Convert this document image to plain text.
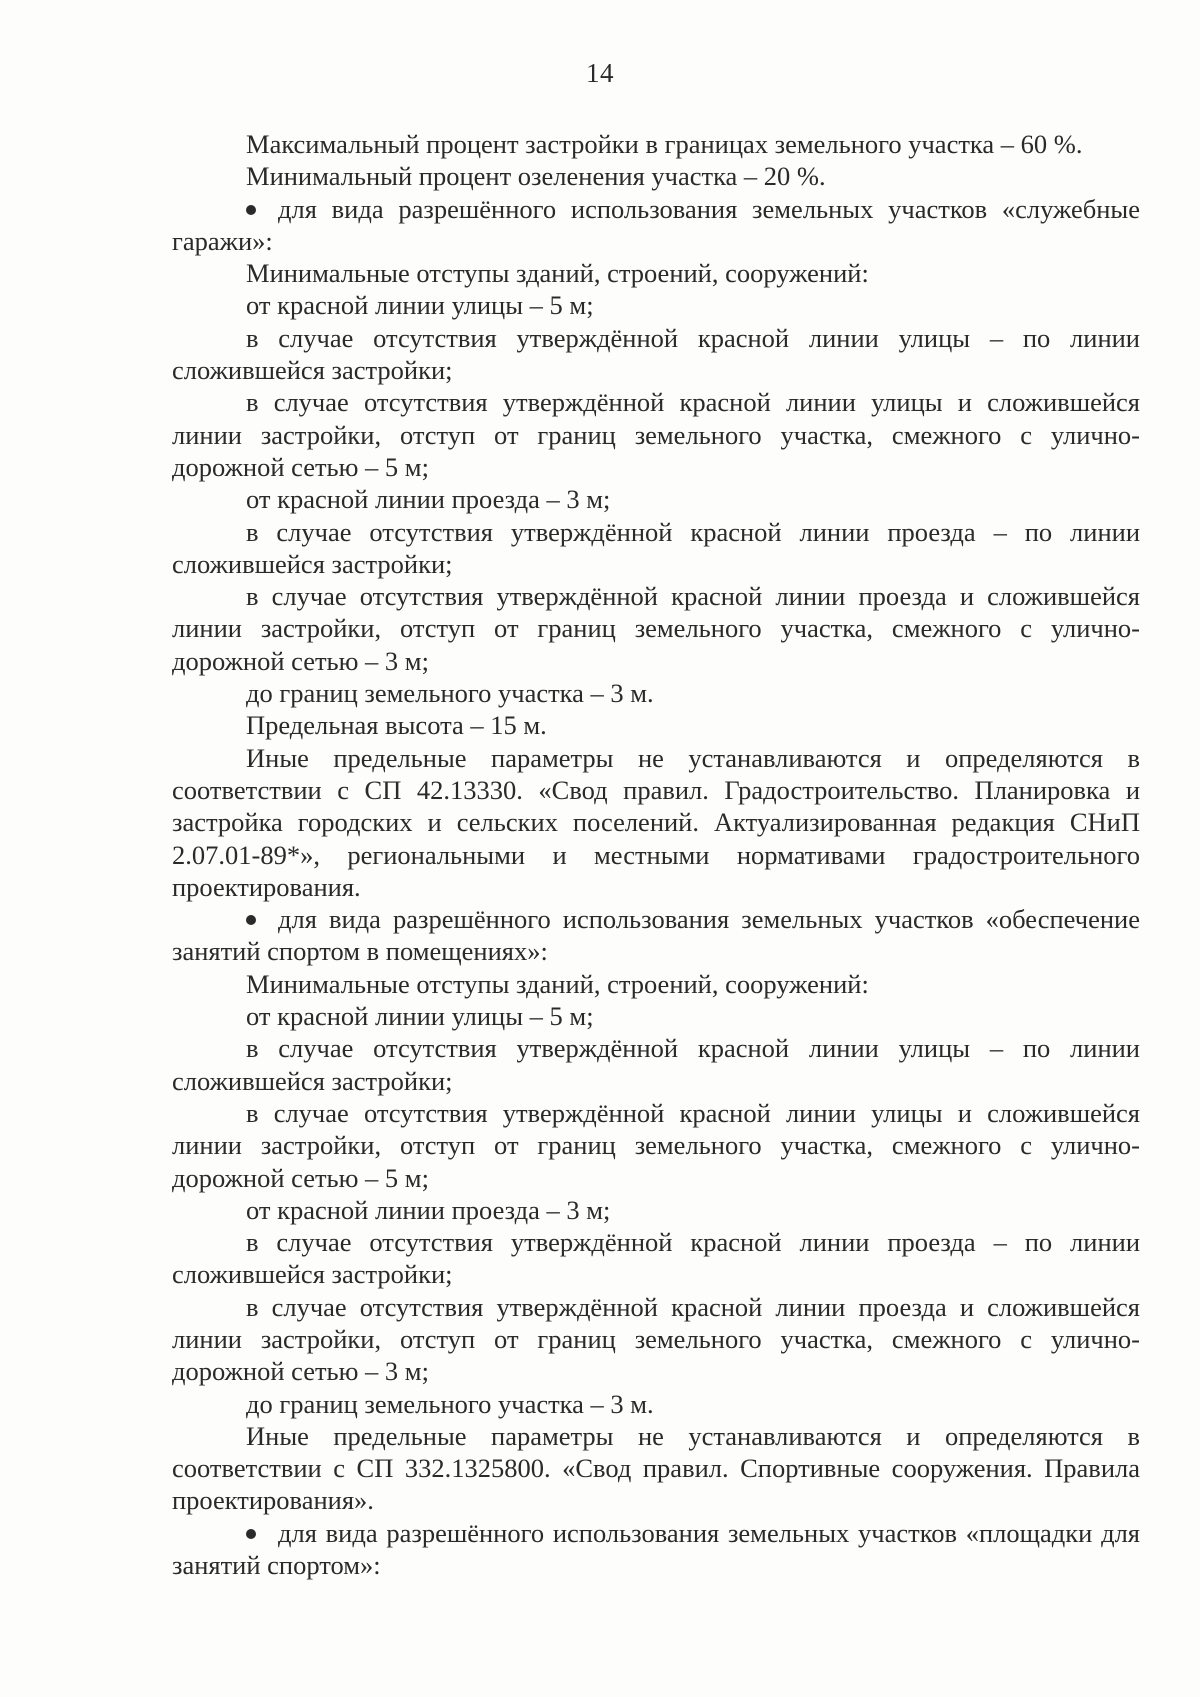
14

Максимальный процент застройки в границах земельного участка – 60 %.

Минимальный процент озеленения участка – 20 %.

для вида разрешённого использования земельных участков «служебные гаражи»:

Минимальные отступы зданий, строений, сооружений:

от красной линии улицы – 5 м;

в случае отсутствия утверждённой красной линии улицы – по линии сложившейся застройки;

в случае отсутствия утверждённой красной линии улицы и сложившейся линии застройки, отступ от границ земельного участка, смежного с улично-дорожной сетью – 5 м;

от красной линии проезда – 3 м;

в случае отсутствия утверждённой красной линии проезда – по линии сложившейся застройки;

в случае отсутствия утверждённой красной линии проезда и сложившейся линии застройки, отступ от границ земельного участка, смежного с улично-дорожной сетью – 3 м;

до границ земельного участка – 3 м.

Предельная высота – 15 м.

Иные предельные параметры не устанавливаются и определяются в соответствии с СП 42.13330. «Свод правил. Градостроительство. Планировка и застройка городских и сельских поселений. Актуализированная редакция СНиП 2.07.01-89*», региональными и местными нормативами градостроительного проектирования.

для вида разрешённого использования земельных участков «обеспечение занятий спортом в помещениях»:

Минимальные отступы зданий, строений, сооружений:

от красной линии улицы – 5 м;

в случае отсутствия утверждённой красной линии улицы – по линии сложившейся застройки;

в случае отсутствия утверждённой красной линии улицы и сложившейся линии застройки, отступ от границ земельного участка, смежного с улично-дорожной сетью – 5 м;

от красной линии проезда – 3 м;

в случае отсутствия утверждённой красной линии проезда – по линии сложившейся застройки;

в случае отсутствия утверждённой красной линии проезда и сложившейся линии застройки, отступ от границ земельного участка, смежного с улично-дорожной сетью – 3 м;

до границ земельного участка – 3 м.

Иные предельные параметры не устанавливаются и определяются в соответствии с СП 332.1325800. «Свод правил. Спортивные сооружения. Правила проектирования».

для вида разрешённого использования земельных участков «площадки для занятий спортом»:
